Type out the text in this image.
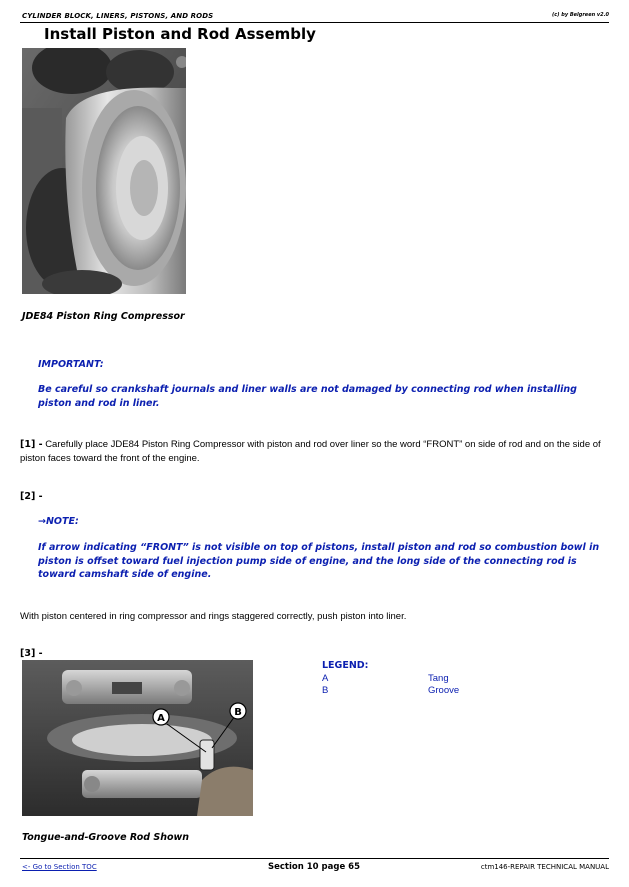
CYLINDER BLOCK, LINERS, PISTONS, AND RODS	(c) by Belgreen v2.0
Install Piston and Rod Assembly
JDE84 Piston Ring Compressor
IMPORTANT:
Be careful so crankshaft journals and liner walls are not damaged by connecting rod when installing piston and rod in liner.
[1] - Carefully place JDE84 Piston Ring Compressor with piston and rod over liner so the word “FRONT” on side of rod and on the side of piston faces toward the front of the engine.
[2] -
→NOTE:
If arrow indicating “FRONT” is not visible on top of pistons, install piston and rod so combustion bowl in piston is offset toward fuel injection pump side of engine, and the long side of the connecting rod is toward camshaft side of engine.
With piston centered in ring compressor and rings staggered correctly, push piston into liner.
[3] -
A
B
LEGEND:
A	Tang
B	Groove
Tongue-and-Groove Rod Shown
<- Go to Section TOC	Section 10 page 65	ctm146-REPAIR TECHNICAL MANUAL
